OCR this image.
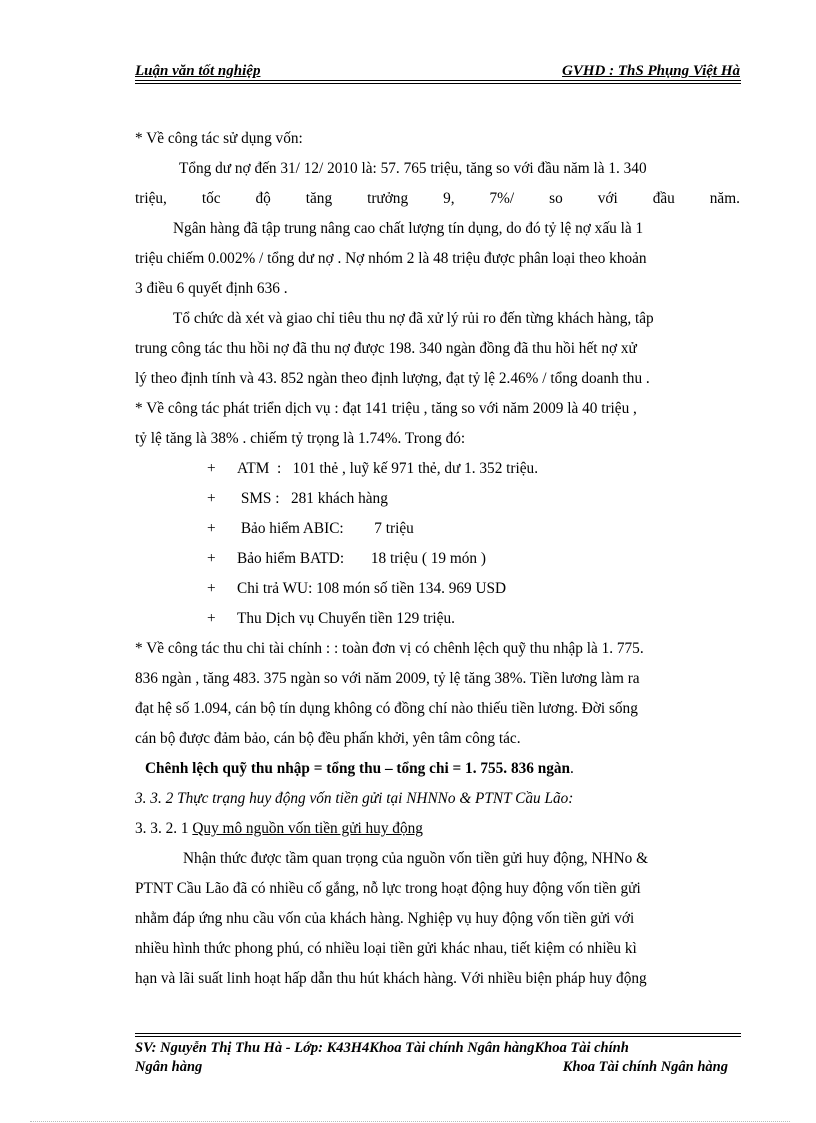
Luận văn tốt nghiệp	GVHD : ThS Phụng Việt Hà
* Về công tác sử dụng vốn:
Tổng dư nợ đến 31/ 12/ 2010 là: 57. 765 triệu, tăng so với đầu năm là 1. 340
triệu, tốc độ tăng trưởng 9, 7%/ so với đầu năm.
Ngân hàng đã tập trung nâng cao chất lượng tín dụng, do đó tỷ lệ nợ xấu là 1
triệu chiếm 0.002% / tổng dư nợ . Nợ nhóm 2 là 48 triệu được phân loại theo khoản
3 điều 6 quyết định 636 .
Tổ chức dà xét và giao chỉ tiêu thu nợ đã xử lý rủi ro đến từng khách hàng, tâp
trung công tác thu hồi nợ đã thu nợ được 198. 340 ngàn đồng đã thu hồi hết nợ xử
lý theo định tính và 43. 852 ngàn theo định lượng, đạt tỷ lệ 2.46% / tổng doanh thu .
* Về công tác phát triển dịch vụ : đạt 141 triệu , tăng so với năm 2009 là 40 triệu ,
tỷ lệ tăng là 38% . chiếm tỷ trọng là 1.74%. Trong đó:
+ ATM  :   101 thẻ , luỹ kế 971 thẻ, dư 1. 352 triệu.
+ SMS :   281 khách hàng
+ Bảo hiểm ABIC:        7 triệu
+ Bảo hiểm BATD:       18 triệu ( 19 món )
+ Chi trả WU: 108 món số tiền 134. 969 USD
+ Thu Dịch vụ Chuyển tiền 129 triệu.
* Về công tác thu chi tài chính : : toàn đơn vị có chênh lệch quỹ thu nhập là 1. 775.
836 ngàn , tăng 483. 375 ngàn so với năm 2009, tỷ lệ tăng 38%. Tiền lương làm ra
đạt hệ số 1.094, cán bộ tín dụng không có đồng chí nào thiếu tiền lương. Đời sống
cán bộ được đảm bảo, cán bộ đều phấn khởi, yên tâm công tác.
Chênh lệch quỹ thu nhập = tổng thu – tổng chi = 1. 755. 836 ngàn.
3. 3. 2 Thực trạng huy động vốn tiền gửi tại NHNNo & PTNT Cầu Lão:
3. 3. 2. 1 Quy mô nguồn vốn tiền gửi huy động
Nhận thức được tầm quan trọng của nguồn vốn tiền gửi huy động, NHNo &
PTNT Cầu Lão đã có nhiều cố gắng, nỗ lực trong hoạt động huy động vốn tiền gửi
nhằm đáp ứng nhu cầu vốn của khách hàng. Nghiệp vụ huy động vốn tiền gửi với
nhiều hình thức phong phú, có nhiều loại tiền gửi khác nhau, tiết kiệm có nhiều kì
hạn và lãi suất linh hoạt hấp dẫn thu hút khách hàng. Với nhiều biện pháp huy động
SV: Nguyễn Thị Thu Hà - Lớp: K43H4Khoa Tài chính Ngân hàngKhoa Tài chính
Ngân hàng	Khoa Tài chính Ngân hàng
